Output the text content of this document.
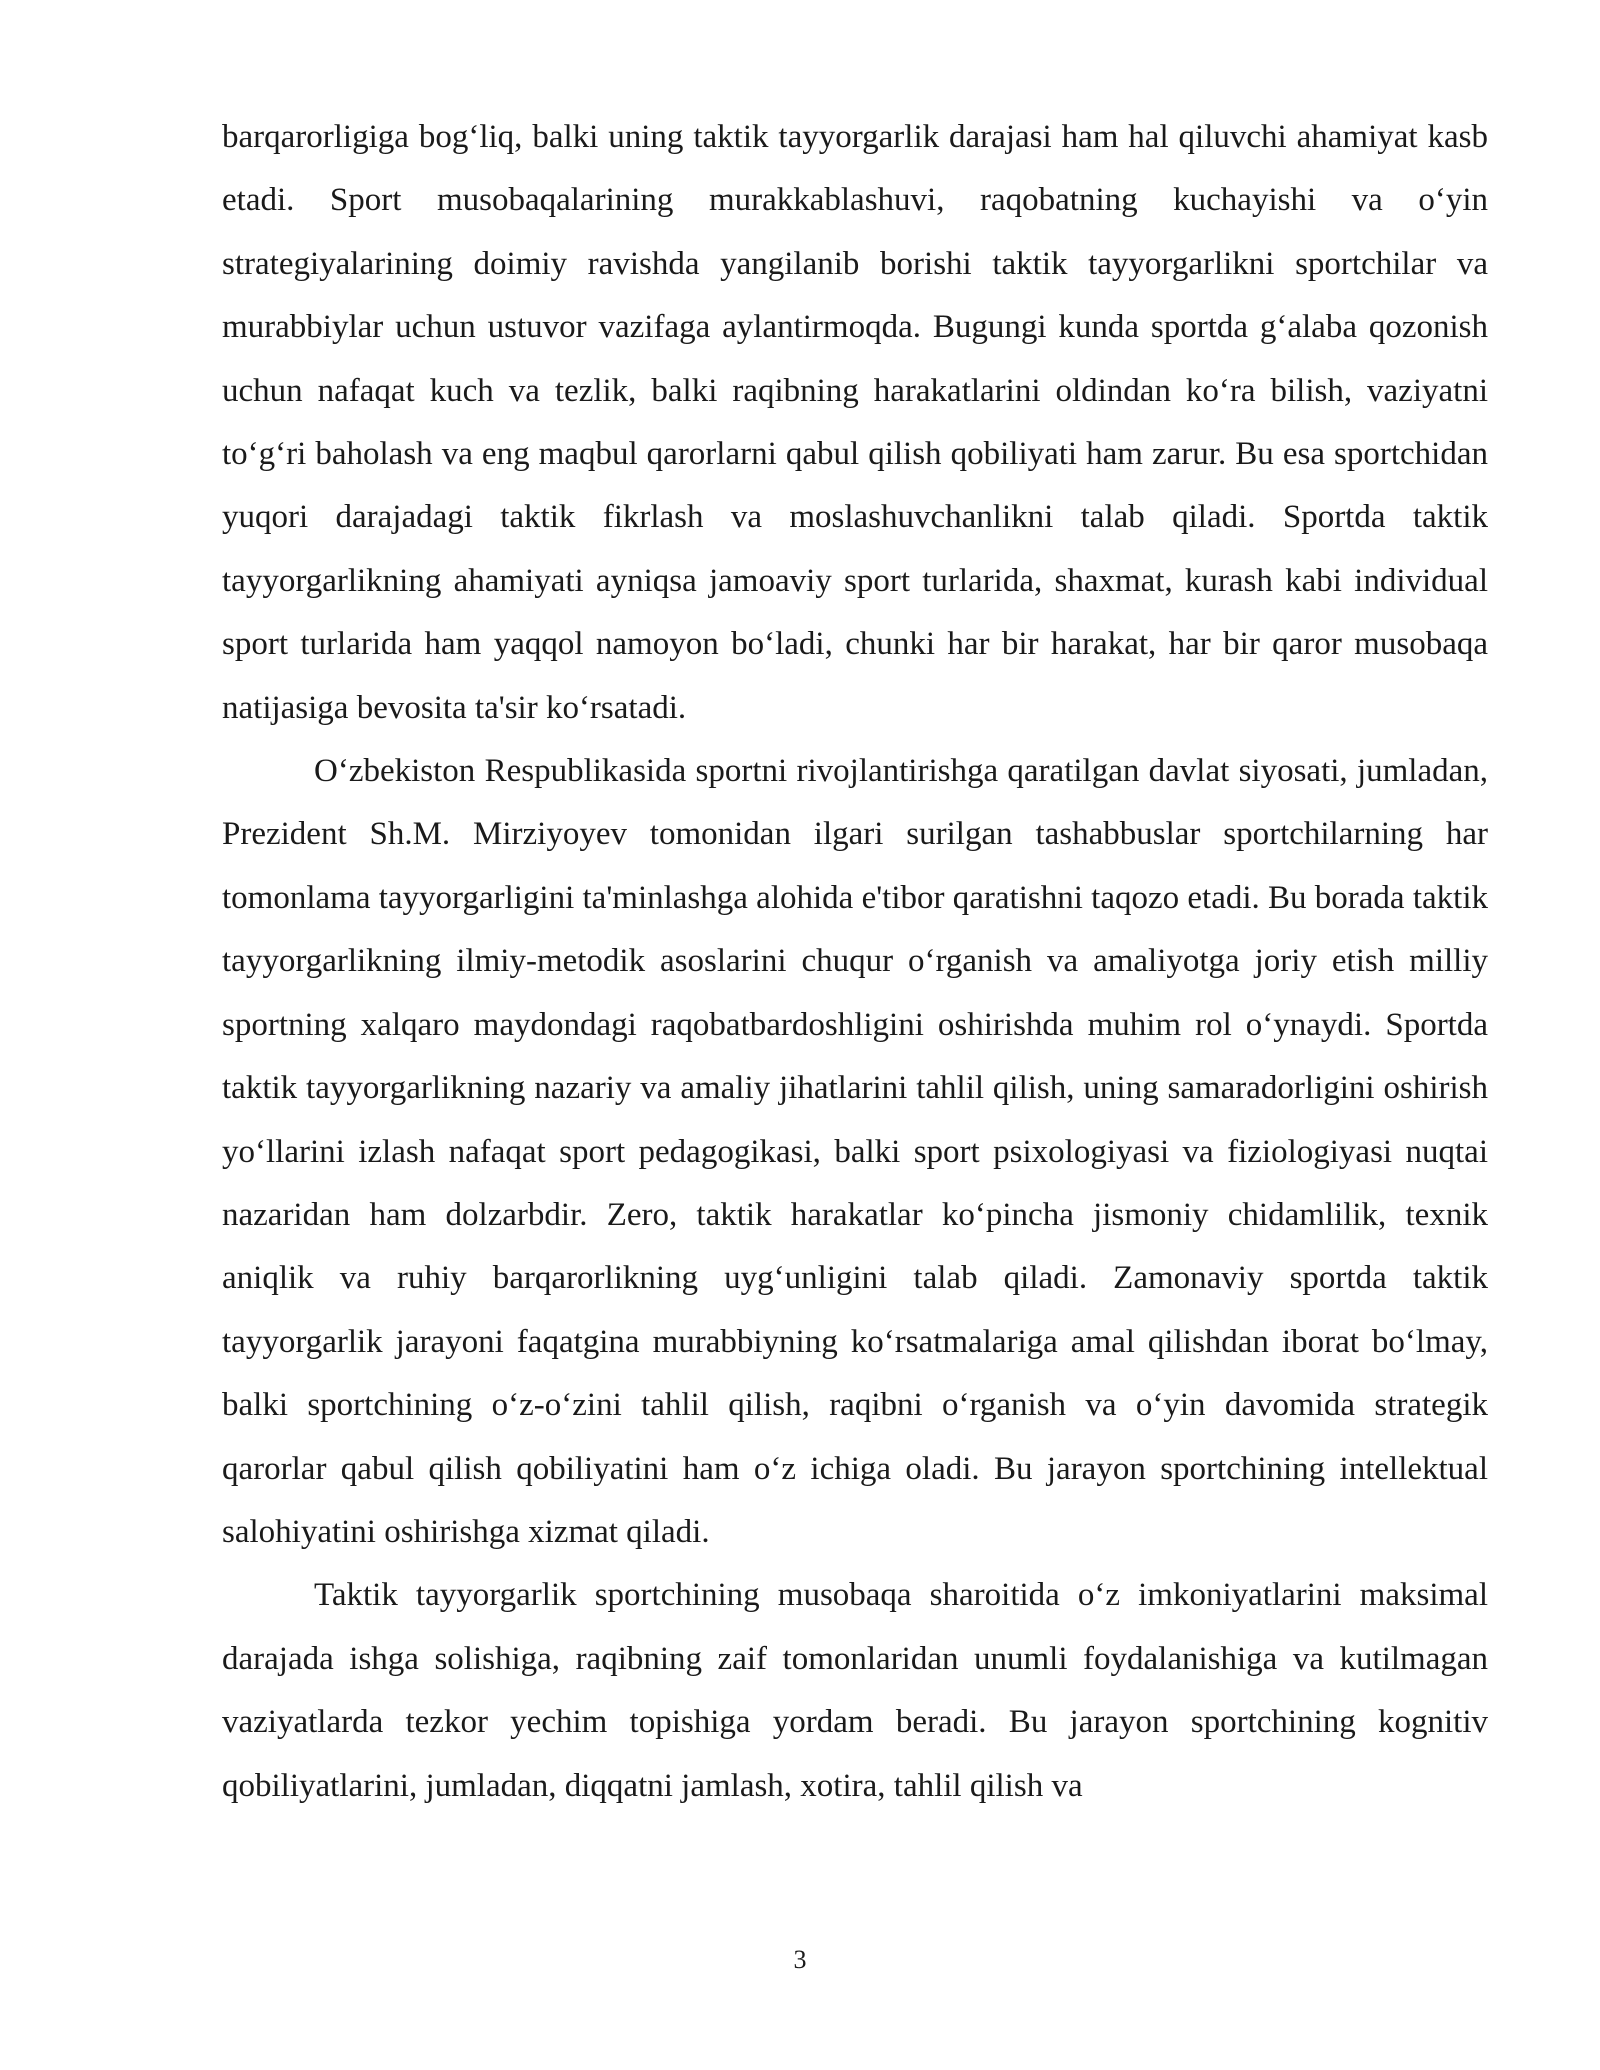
barqarorligiga bog‘liq, balki uning taktik tayyorgarlik darajasi ham hal qiluvchi ahamiyat kasb etadi. Sport musobaqalarining murakkablashuvi, raqobatning kuchayishi va o‘yin strategiyalarining doimiy ravishda yangilanib borishi taktik tayyorgarlikni sportchilar va murabbiylar uchun ustuvor vazifaga aylantirmoqda. Bugungi kunda sportda g‘alaba qozonish uchun nafaqat kuch va tezlik, balki raqibning harakatlarini oldindan ko‘ra bilish, vaziyatni to‘g‘ri baholash va eng maqbul qarorlarni qabul qilish qobiliyati ham zarur. Bu esa sportchidan yuqori darajadagi taktik fikrlash va moslashuvchanlikni talab qiladi. Sportda taktik tayyorgarlikning ahamiyati ayniqsa jamoaviy sport turlarida, shaxmat, kurash kabi individual sport turlarida ham yaqqol namoyon bo‘ladi, chunki har bir harakat, har bir qaror musobaqa natijasiga bevosita ta'sir ko‘rsatadi.

O‘zbekiston Respublikasida sportni rivojlantirishga qaratilgan davlat siyosati, jumladan, Prezident Sh.M. Mirziyoyev tomonidan ilgari surilgan tashabbuslar sportchilarning har tomonlama tayyorgarligini ta'minlashga alohida e'tibor qaratishni taqozo etadi. Bu borada taktik tayyorgarlikning ilmiy-metodik asoslarini chuqur o‘rganish va amaliyotga joriy etish milliy sportning xalqaro maydondagi raqobatbardoshligini oshirishda muhim rol o‘ynaydi. Sportda taktik tayyorgarlikning nazariy va amaliy jihatlarini tahlil qilish, uning samaradorligini oshirish yo‘llarini izlash nafaqat sport pedagogikasi, balki sport psixologiyasi va fiziologiyasi nuqtai nazaridan ham dolzarbdir. Zero, taktik harakatlar ko‘pincha jismoniy chidamlilik, texnik aniqlik va ruhiy barqarorlikning uyg‘unligini talab qiladi. Zamonaviy sportda taktik tayyorgarlik jarayoni faqatgina murabbiyning ko‘rsatmalariga amal qilishdan iborat bo‘lmay, balki sportchining o‘z-o‘zini tahlil qilish, raqibni o‘rganish va o‘yin davomida strategik qarorlar qabul qilish qobiliyatini ham o‘z ichiga oladi. Bu jarayon sportchining intellektual salohiyatini oshirishga xizmat qiladi.

Taktik tayyorgarlik sportchining musobaqa sharoitida o‘z imkoniyatlarini maksimal darajada ishga solishiga, raqibning zaif tomonlaridan unumli foydalanishiga va kutilmagan vaziyatlarda tezkor yechim topishiga yordam beradi. Bu jarayon sportchining kognitiv qobiliyatlarini, jumladan, diqqatni jamlash, xotira, tahlil qilish va

3
